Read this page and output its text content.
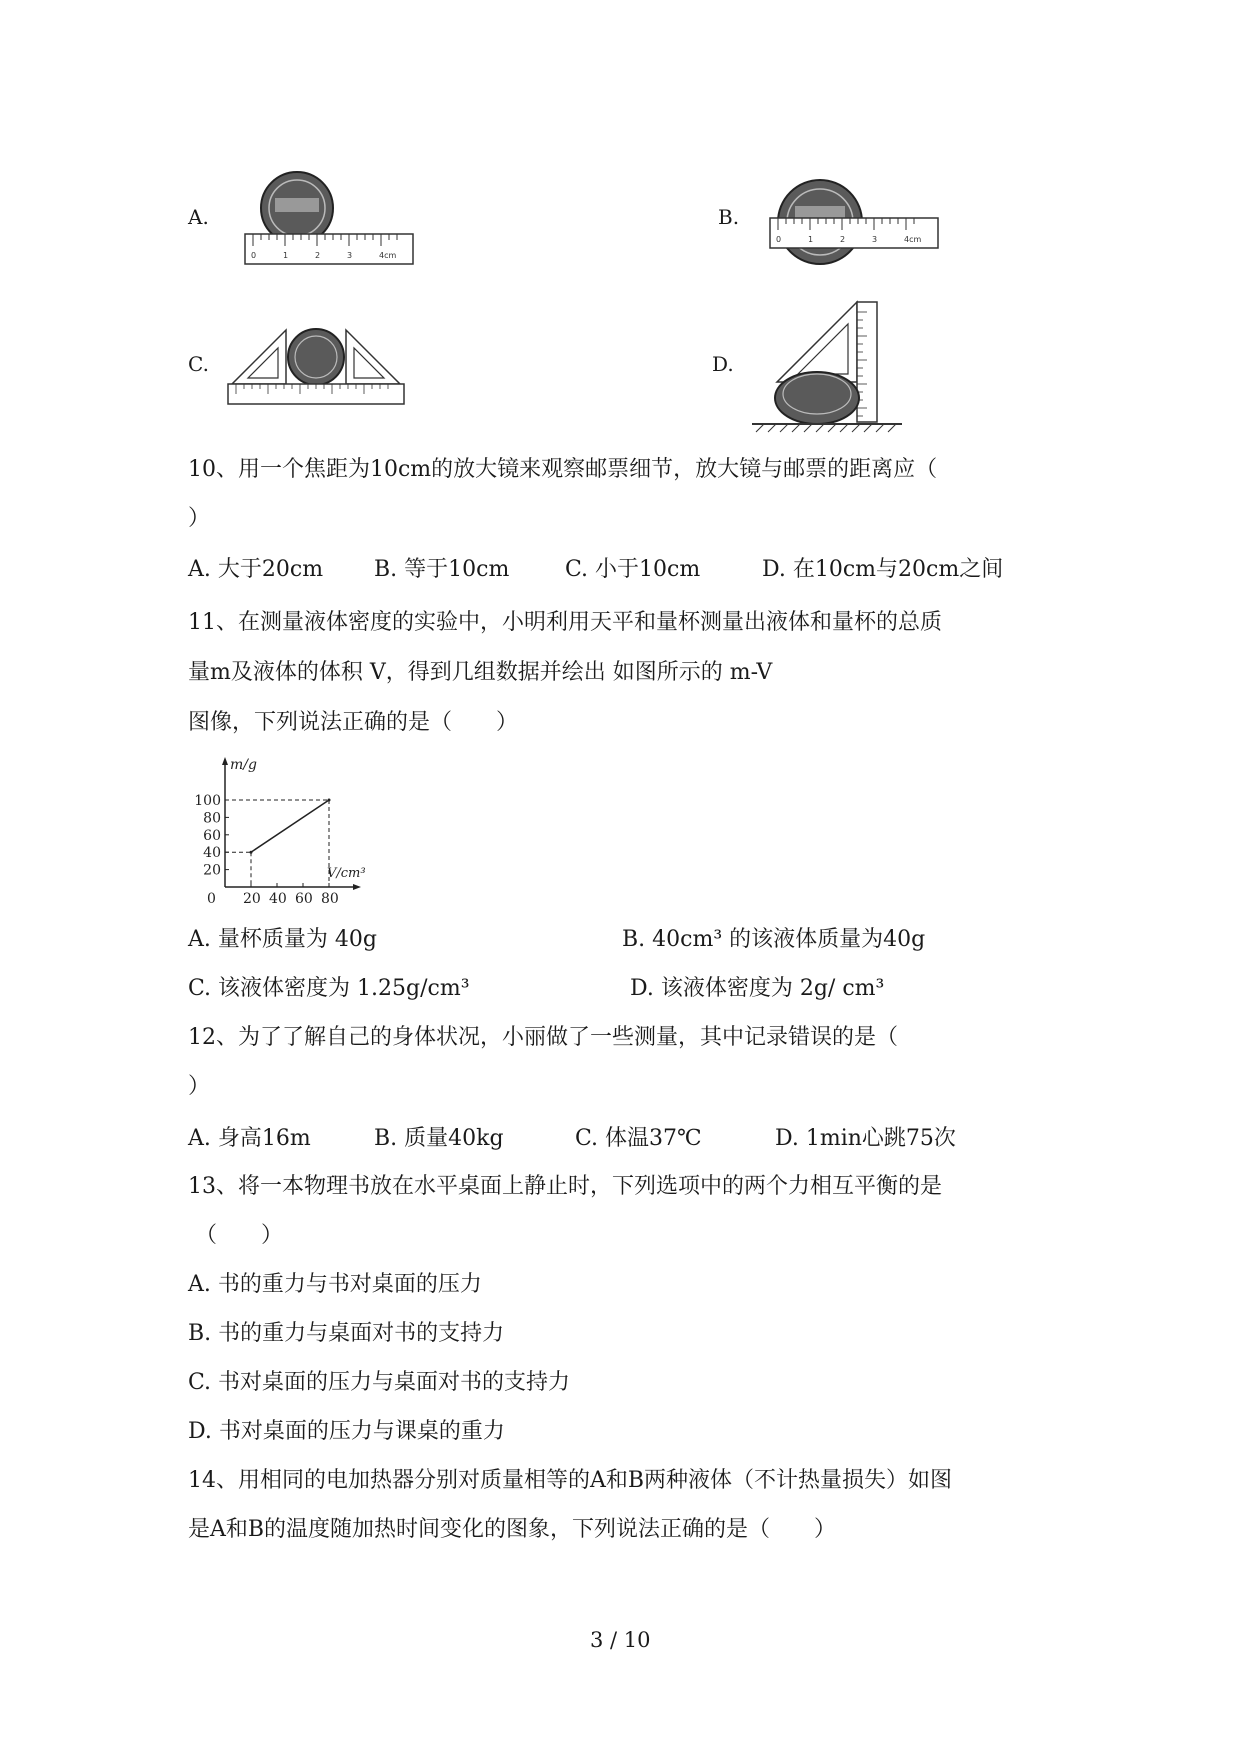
A.
0	1	2	3	4cm
B.
0	1	2	3	4cm
C.	D.
10、用一个焦距为10cm的放大镜来观察邮票细节，放大镜与邮票的距离应（
）
A. 大于20cm B. 等于10cm	C. 小于10cm	D. 在10cm与20cm之间
11、在测量液体密度的实验中，小明利用天平和量杯测量出液体和量杯的总质
量m及液体的体积 V，得到几组数据并绘出 如图所示的 m-V
图像，下列说法正确的是（　　）
m/g
V/cm³
0 20 40 60 80
20
40
60
80
100
A. 量杯质量为 40g	B. 40cm³ 的该液体质量为40g
C. 该液体密度为 1.25g/cm³	D. 该液体密度为 2g/ cm³
12、为了了解自己的身体状况，小丽做了一些测量，其中记录错误的是（
）
A. 身高16m	B. 质量40kg	C. 体温37℃	D. 1min心跳75次
13、将一本物理书放在水平桌面上静止时，下列选项中的两个力相互平衡的是
（　　）
A. 书的重力与书对桌面的压力
B. 书的重力与桌面对书的支持力
C. 书对桌面的压力与桌面对书的支持力
D. 书对桌面的压力与课桌的重力
14、用相同的电加热器分别对质量相等的A和B两种液体（不计热量损失）如图
是A和B的温度随加热时间变化的图象，下列说法正确的是（　　）
3 / 10
